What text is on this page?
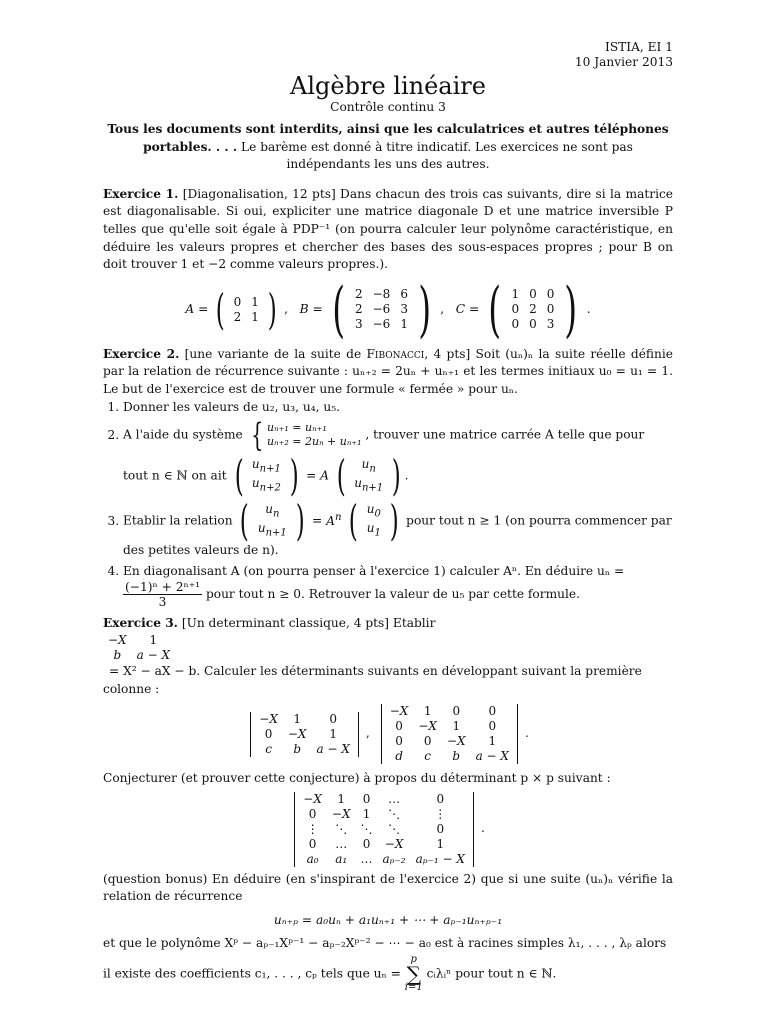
ISTIA, EI 1
10 Janvier 2013
Algèbre linéaire
Contrôle continu 3

Tous les documents sont interdits, ainsi que les calculatrices et autres téléphones portables. . . . Le barème est donné à titre indicatif. Les exercices ne sont pas indépendants les uns des autres.

Exercice 1. [Diagonalisation, 12 pts] Dans chacun des trois cas suivants, dire si la matrice est diagonalisable. Si oui, expliciter une matrice diagonale D et une matrice inversible P telles que qu'elle soit égale à PDP⁻¹ (on pourra calculer leur polynôme caractéristique, en déduire les valeurs propres et chercher des bases des sous-espaces propres ; pour B on doit trouver 1 et −2 comme valeurs propres.).

A = ( 0	1
2	1 ) , B = ( 2	−8	6
2	−6	3
3	−6	1 ) , C = ( 1	0	0
0	2	0
0	0	3 ) .

Exercice 2. [une variante de la suite de Fibonacci, 4 pts] Soit (uₙ)ₙ la suite réelle définie par la relation de récurrence suivante : uₙ₊₂ = 2uₙ + uₙ₊₁ et les termes initiaux u₀ = u₁ = 1. Le but de l'exercice est de trouver une formule « fermée » pour uₙ.

1. Donner les valeurs de u₂, u₃, u₄, u₅.
2. A l'aide du système { uₙ₊₁ = uₙ₊₁
uₙ₊₂ = 2uₙ + uₙ₊₁ , trouver une matrice carrée A telle que pour
tout n ∈ ℕ on ait ( $u_{n+1}$
$u_{n+2}$ ) = A ( $u_n$
$u_{n+1}$ ) .
3. Etablir la relation ( $u_n$
$u_{n+1}$ ) = $A^n$ ( $u_0$
$u_1$ ) pour tout n ≥ 1 (on pourra commencer par des petites valeurs de n).
4. En diagonalisant A (on pourra penser à l'exercice 1) calculer Aⁿ. En déduire uₙ =
$\frac{\text{(−1)ⁿ + 2ⁿ⁺¹}}{3}$ pour tout n ≥ 0. Retrouver la valeur de u₅ par cette formule.

Exercice 3. [Un determinant classique, 4 pts] Etablir

−X	1
b	a − X
= X² − aX − b. Calculer les déterminants suivants en développant suivant la première colonne :

−X	1	0
0	−X	1
c	b	a − X
,
−X	1	0	0
0	−X	1	0
0	0	−X	1
d	c	b	a − X
.

Conjecturer (et prouver cette conjecture) à propos du déterminant p × p suivant :

−X	1	0	…	0
0	−X	1	⋱	⋮
⋮	⋱	⋱	⋱	0
0	…	0	−X	1
a₀	a₁	…	aₚ₋₂	aₚ₋₁ − X
.

(question bonus) En déduire (en s'inspirant de l'exercice 2) que si une suite (uₙ)ₙ vérifie la relation de récurrence

uₙ₊ₚ = a₀uₙ + a₁uₙ₊₁ + ⋯ + aₚ₋₁uₙ₊ₚ₋₁

et que le polynôme Xᵖ − aₚ₋₁Xᵖ⁻¹ − aₚ₋₂Xᵖ⁻² − ⋯ − a₀ est à racines simples λ₁, . . . , λₚ alors

il existe des coefficients c₁, . . . , cₚ tels que uₙ =
p
∑
i=1
cᵢλᵢⁿ pour tout n ∈ ℕ.
